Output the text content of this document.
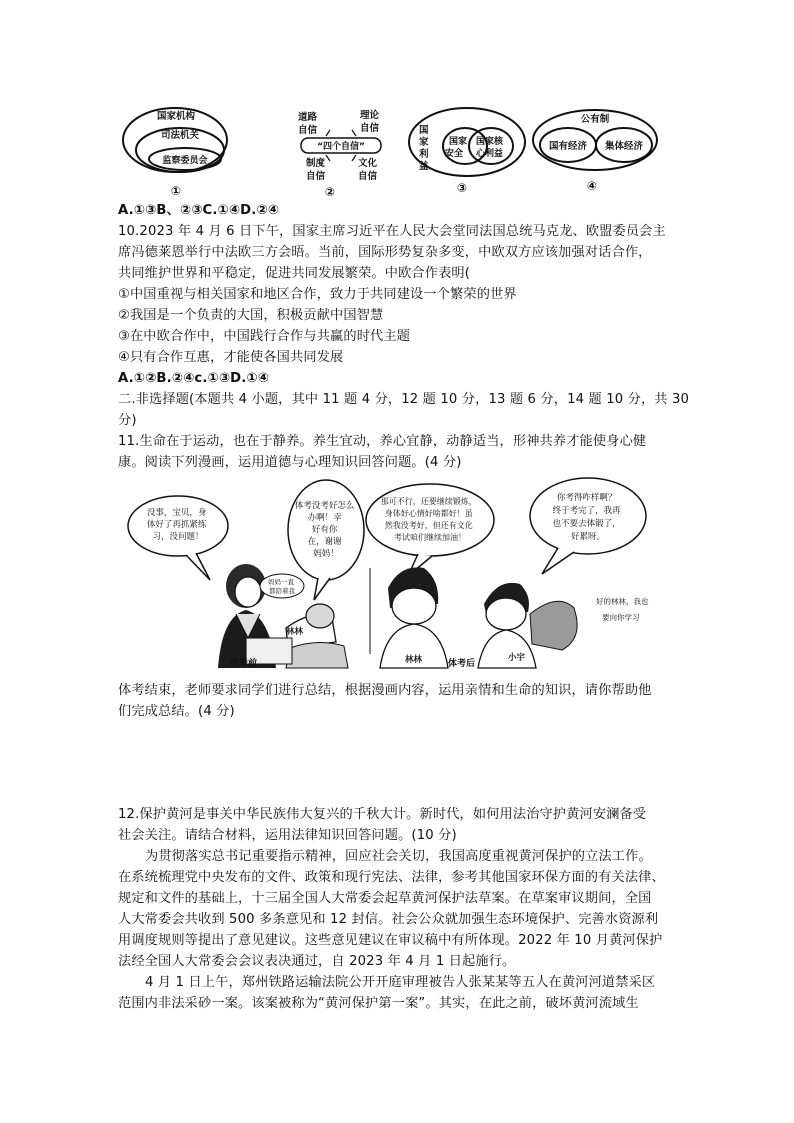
国家机构
司法机关
监察委员会
①
“四个自信”
道路自信
理论自信
制度自信
文化自信
②
国家利益
国家安全
国家核心利益
③
公有制
国有经济 集体经济
④
A.①③B、②③C.①④D.②④
10.2023 年 4 月 6 日下午，国家主席习近平在人民大会堂同法国总统马克龙、欧盟委员会主
席冯德莱恩举行中法欧三方会晤。当前，国际形势复杂多变，中欧双方应该加强对话合作，
共同维护世界和平稳定，促进共同发展繁荣。中欧合作表明(
①中国重视与相关国家和地区合作，致力于共同建设一个繁荣的世界
②我国是一个负责的大国，积极贡献中国智慧
③在中欧合作中，中国践行合作与共赢的时代主题
④只有合作互惠，才能使各国共同发展
A.①②B.②④c.①③D.①④
二.非选择题(本题共 4 小题，其中 11 题 4 分，12 题 10 分，13 题 6 分，14 题 10 分，共 30
分)
11.生命在于运动，也在于静养。养生宜动，养心宜静，动静适当，形神共养才能使身心健
康。阅读下列漫画，运用道德与心理知识回答问题。(4 分)
没事，宝贝，身 体好了再抓紧练 习，没问题！
体考没考好怎么 办啊！幸 好有你 在，谢谢 妈妈！
那可不行，还要继续锻炼， 身体好心情好啥都好！虽 然我没考好，但还有文化 考试咱们继续加油！
你考得咋样啊？ 终于考完了，我再 也不要去体锻了， 好累呀。
妈妈一直 都陪着我
林林
体考前
好的林林，我也 要向你学习
林林	体考后
小宇
体考结束，老师要求同学们进行总结，根据漫画内容，运用亲情和生命的知识，请你帮助他
们完成总结。(4 分)
12.保护黄河是事关中华民族伟大复兴的千秋大计。新时代，如何用法治守护黄河安澜备受
社会关注。请结合材料，运用法律知识回答问题。(10 分)
为贯彻落实总书记重要指示精神，回应社会关切，我国高度重视黄河保护的立法工作。
在系统梳理党中央发布的文件、政策和现行宪法、法律，参考其他国家环保方面的有关法律、
规定和文件的基础上，十三届全国人大常委会起草黄河保护法草案。在草案审议期间，全国
人大常委会共收到 500 多条意见和 12 封信。社会公众就加强生态环境保护、完善水资源利
用调度规则等提出了意见建议。这些意见建议在审议稿中有所体现。2022 年 10 月黄河保护
法经全国人大常委会会议表决通过，自 2023 年 4 月 1 日起施行。
4 月 1 日上午，郑州铁路运输法院公开开庭审理被告人张某某等五人在黄河河道禁采区
范围内非法采砂一案。该案被称为“黄河保护第一案”。其实，在此之前，破坏黄河流域生
